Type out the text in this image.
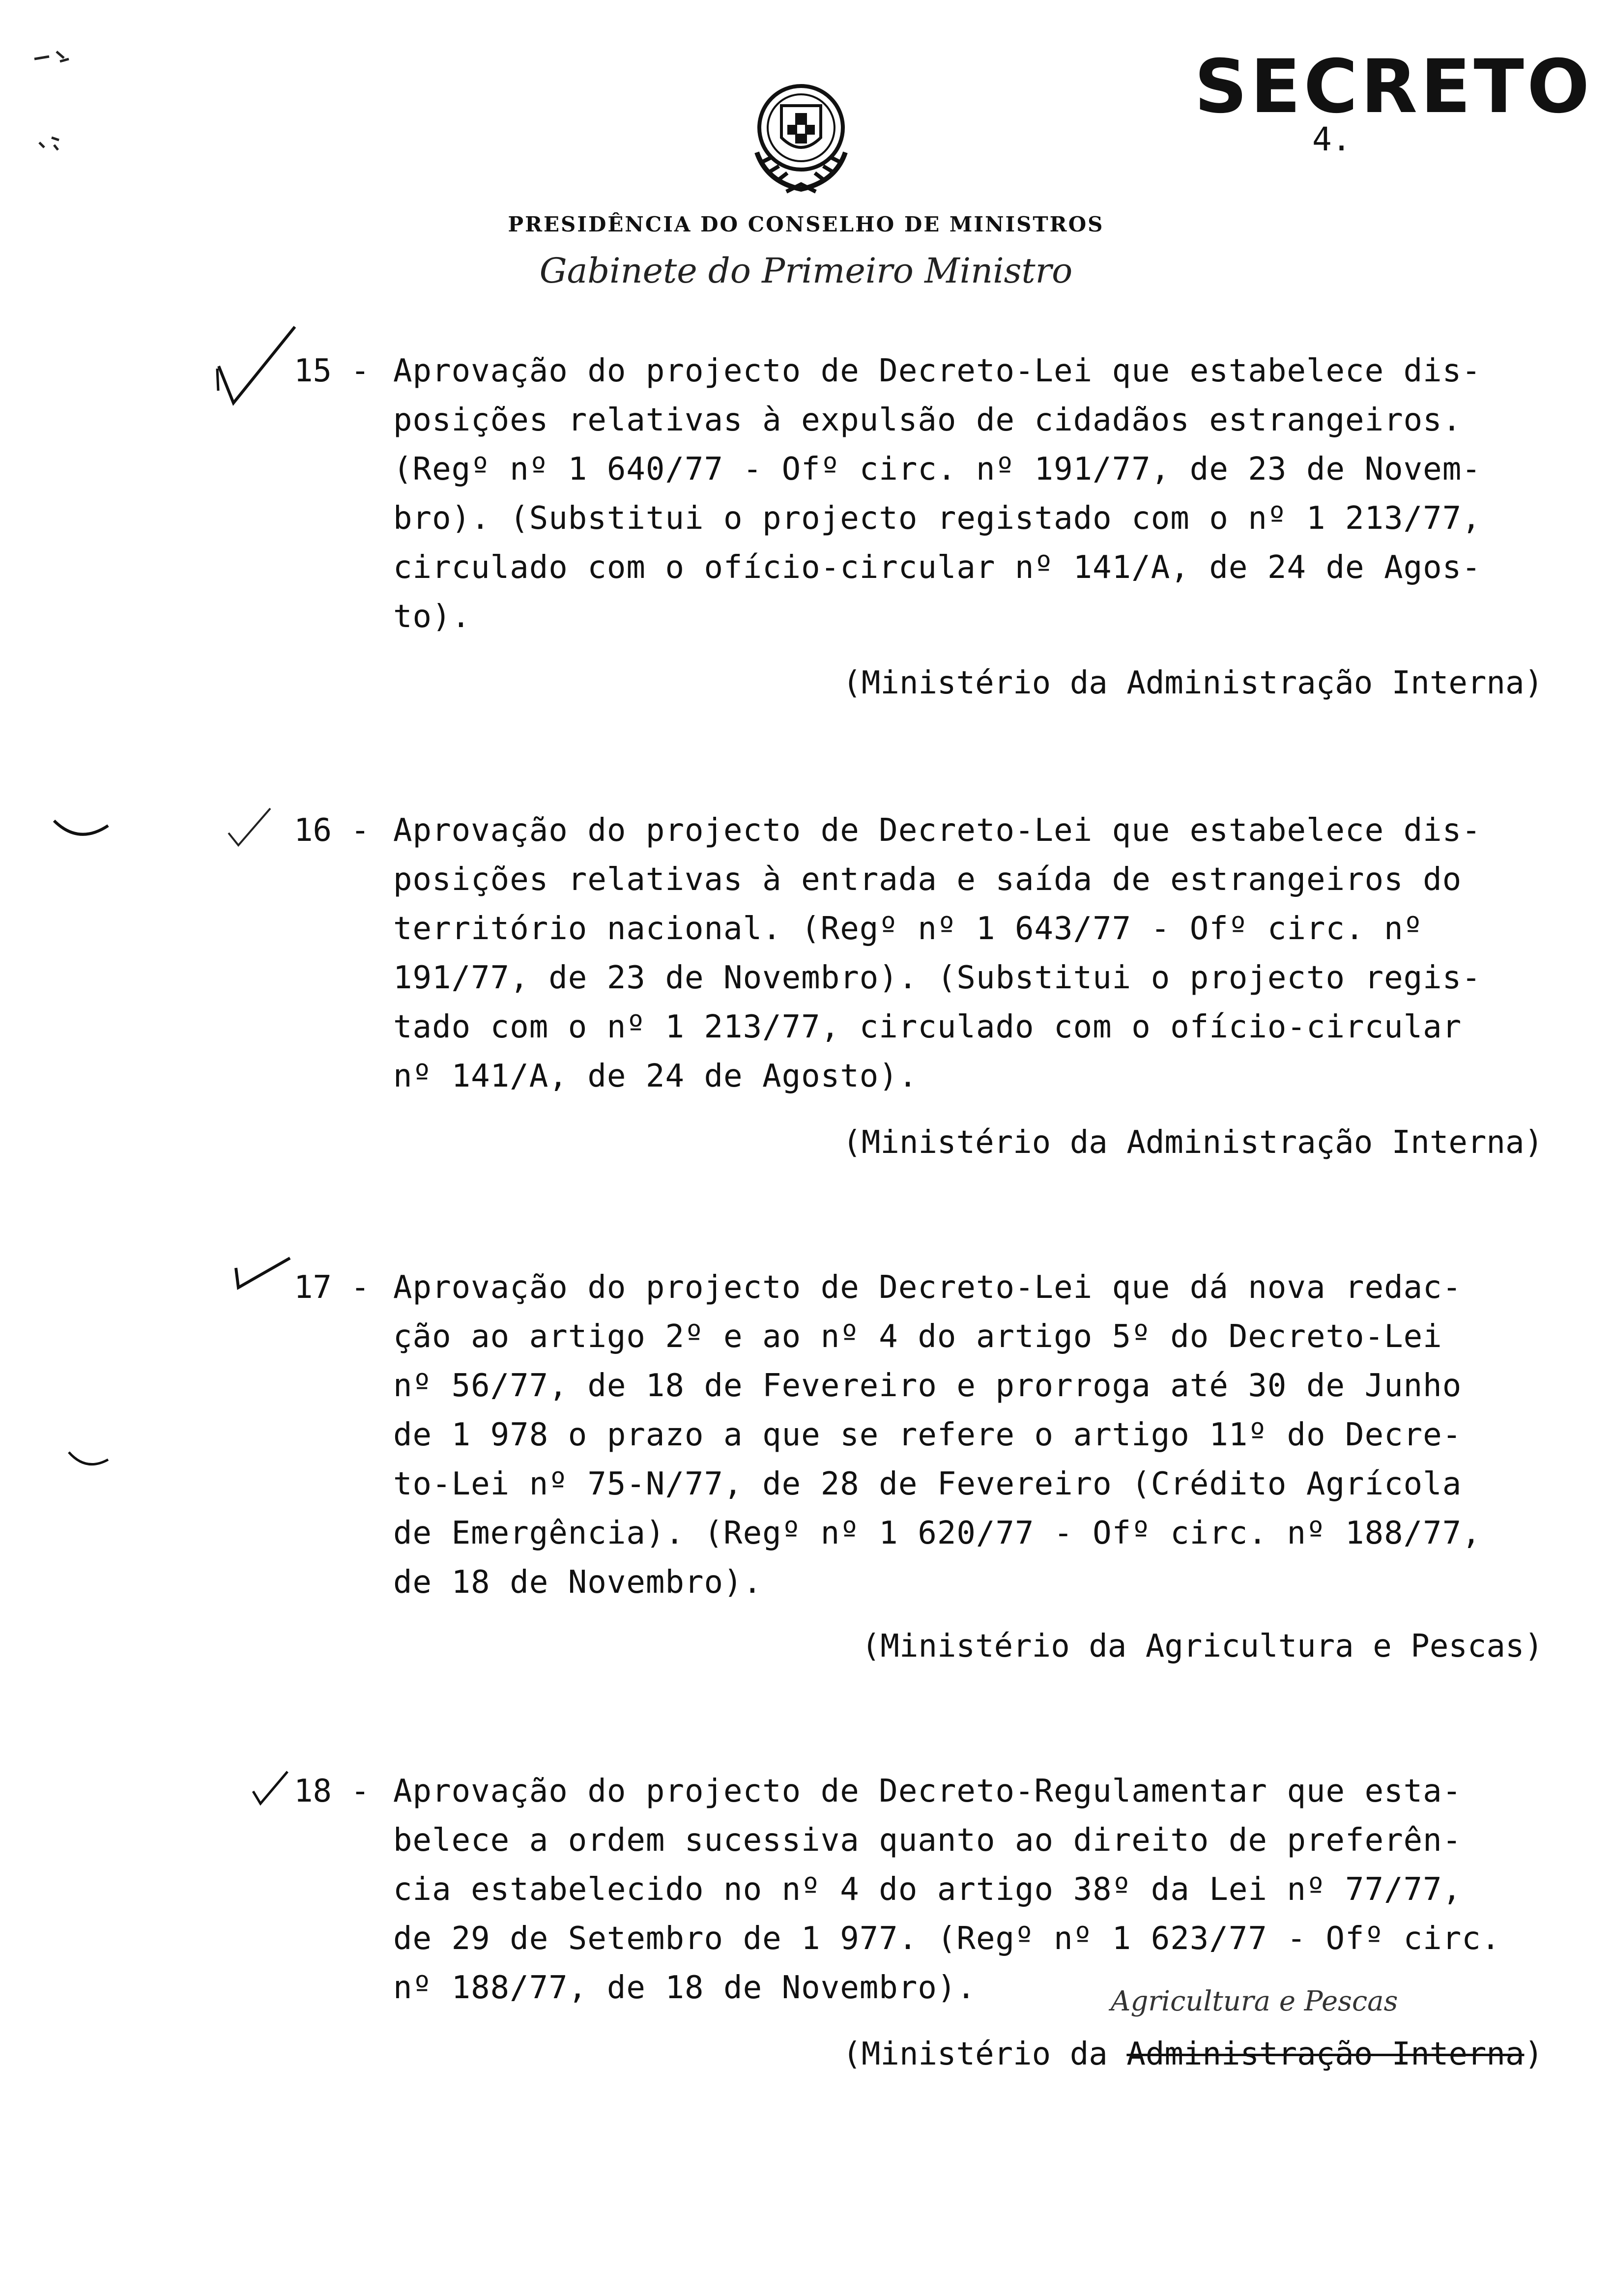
SECRETO
4.
PRESIDÊNCIA DO CONSELHO DE MINISTROS
Gabinete do Primeiro Ministro
15 - Aprovação do projecto de Decreto-Lei que estabelece dis-
posições relativas à expulsão de cidadãos estrangeiros.
(Regº nº 1 640/77 - Ofº circ. nº 191/77, de 23 de Novem-
bro). (Substitui o projecto registado com o nº 1 213/77,
circulado com o ofício-circular nº 141/A, de 24 de Agos-
to).
(Ministério da Administração Interna)
16 - Aprovação do projecto de Decreto-Lei que estabelece dis-
posições relativas à entrada e saída de estrangeiros do
território nacional. (Regº nº 1 643/77 - Ofº circ. nº
191/77, de 23 de Novembro). (Substitui o projecto regis-
tado com o nº 1 213/77, circulado com o ofício-circular
nº 141/A, de 24 de Agosto).
(Ministério da Administração Interna)
17 - Aprovação do projecto de Decreto-Lei que dá nova redac-
ção ao artigo 2º e ao nº 4 do artigo 5º do Decreto-Lei
nº 56/77, de 18 de Fevereiro e prorroga até 30 de Junho
de 1 978 o prazo a que se refere o artigo 11º do Decre-
to-Lei nº 75-N/77, de 28 de Fevereiro (Crédito Agrícola
de Emergência). (Regº nº 1 620/77 - Ofº circ. nº 188/77,
de 18 de Novembro).
(Ministério da Agricultura e Pescas)
18 - Aprovação do projecto de Decreto-Regulamentar que esta-
belece a ordem sucessiva quanto ao direito de preferên-
cia estabelecido no nº 4 do artigo 38º da Lei nº 77/77,
de 29 de Setembro de 1 977. (Regº nº 1 623/77 - Ofº circ.
nº 188/77, de 18 de Novembro).	Agricultura e Pescas
(Ministério da Administração Interna)
